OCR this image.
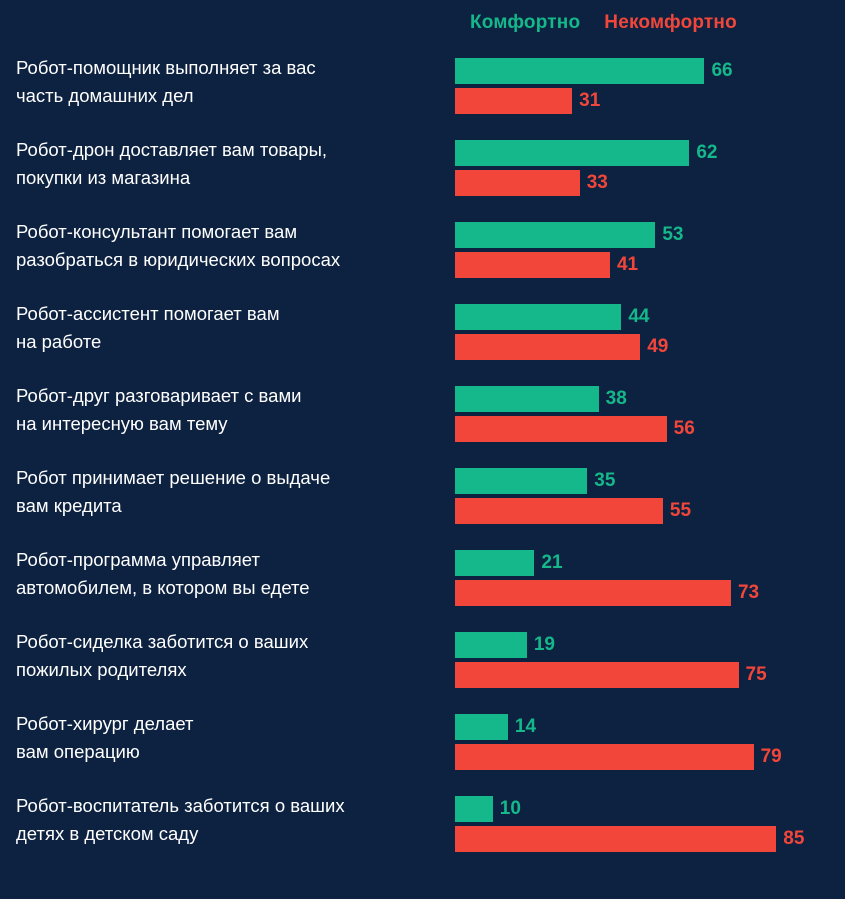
Комфортно Некомфортно
Робот-помощник выполняет за вас
часть домашних дел
66
31
Робот-дрон доставляет вам товары,
покупки из магазина
62
33
Робот-консультант помогает вам
разобраться в юридических вопросах
53
41
Робот-ассистент помогает вам
на работе
44
49
Робот-друг разговаривает с вами
на интересную вам тему
38
56
Робот принимает решение о выдаче
вам кредита
35
55
Робот-программа управляет
автомобилем, в котором вы едете
21
73
Робот-сиделка заботится о ваших
пожилых родителях
19
75
Робот-хирург делает
вам операцию
14
79
Робот-воспитатель заботится о ваших
детях в детском саду
10
85
